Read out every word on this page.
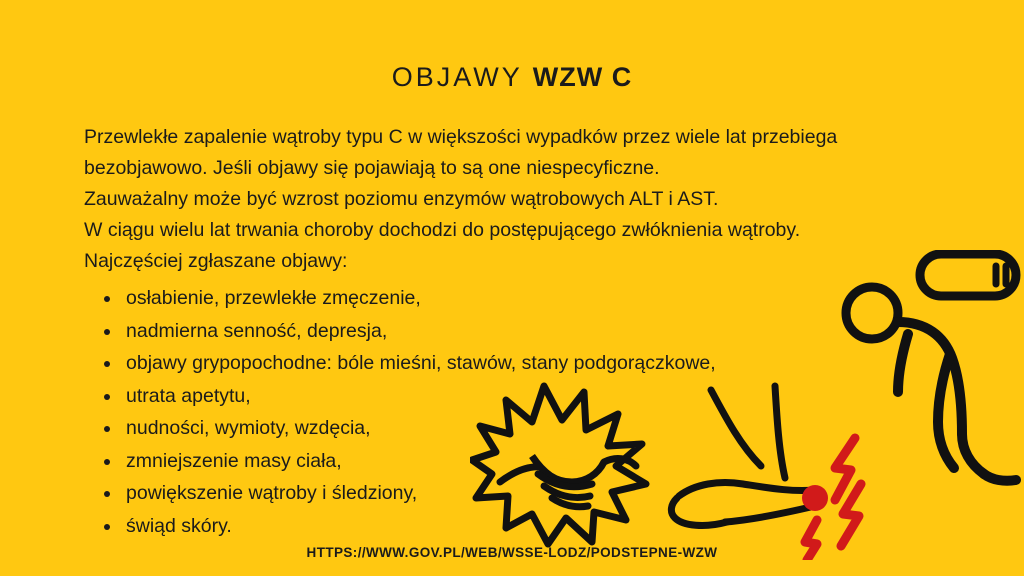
OBJAWY WZW C

Przewlekłe zapalenie wątroby typu C w większości wypadków przez wiele lat przebiega bezobjawowo. Jeśli objawy się pojawiają to są one niespecyficzne.

Zauważalny może być wzrost poziomu enzymów wątrobowych ALT i AST.

W ciągu wielu lat trwania choroby dochodzi do postępującego zwłóknienia wątroby.

Najczęściej zgłaszane objawy:

osłabienie, przewlekłe zmęczenie,
nadmierna senność, depresja,
objawy grypopochodne: bóle mieśni, stawów, stany podgorączkowe,
utrata apetytu,
nudności, wymioty, wzdęcia,
zmniejszenie masy ciała,
powiększenie wątroby i śledziony,
świąd skóry.
HTTPS://WWW.GOV.PL/WEB/WSSE-LODZ/PODSTEPNE-WZW
